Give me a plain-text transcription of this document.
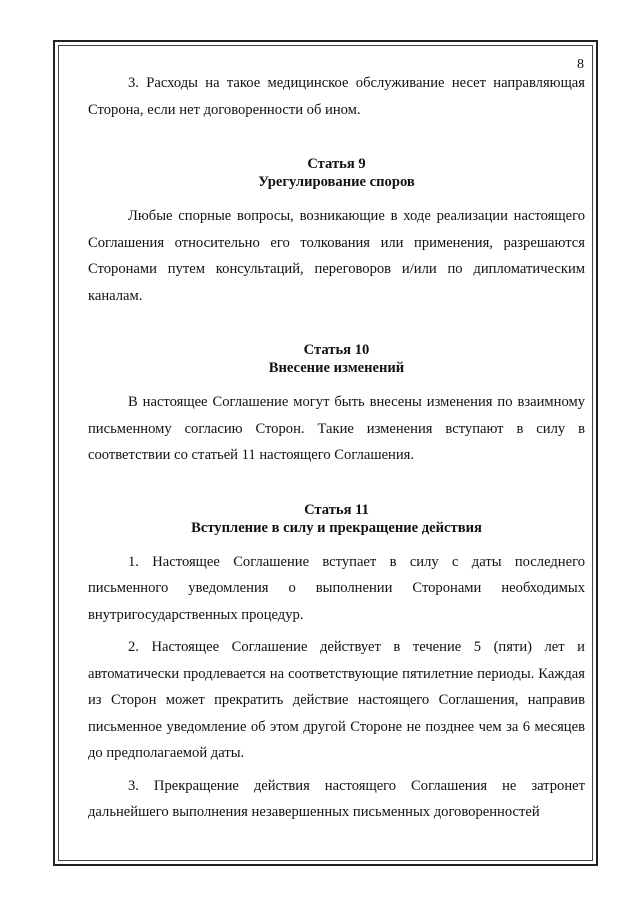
8

3. Расходы на такое медицинское обслуживание несет направляющая Сторона, если нет договоренности об ином.

Статья 9
Урегулирование споров

Любые спорные вопросы, возникающие в ходе реализации настоящего Соглашения относительно его толкования или применения, разрешаются Сторонами путем консультаций, переговоров и/или по дипломатическим каналам.

Статья 10
Внесение изменений

В настоящее Соглашение могут быть внесены изменения по взаимному письменному согласию Сторон. Такие изменения вступают в силу в соответствии со статьей 11 настоящего Соглашения.

Статья 11
Вступление в силу и прекращение действия

1. Настоящее Соглашение вступает в силу с даты последнего письменного уведомления о выполнении Сторонами необходимых внутригосударственных процедур.

2. Настоящее Соглашение действует в течение 5 (пяти) лет и автоматически продлевается на соответствующие пятилетние периоды. Каждая из Сторон может прекратить действие настоящего Соглашения, направив письменное уведомление об этом другой Стороне не позднее чем за 6 месяцев до предполагаемой даты.

3. Прекращение действия настоящего Соглашения не затронет дальнейшего выполнения незавершенных письменных договоренностей
